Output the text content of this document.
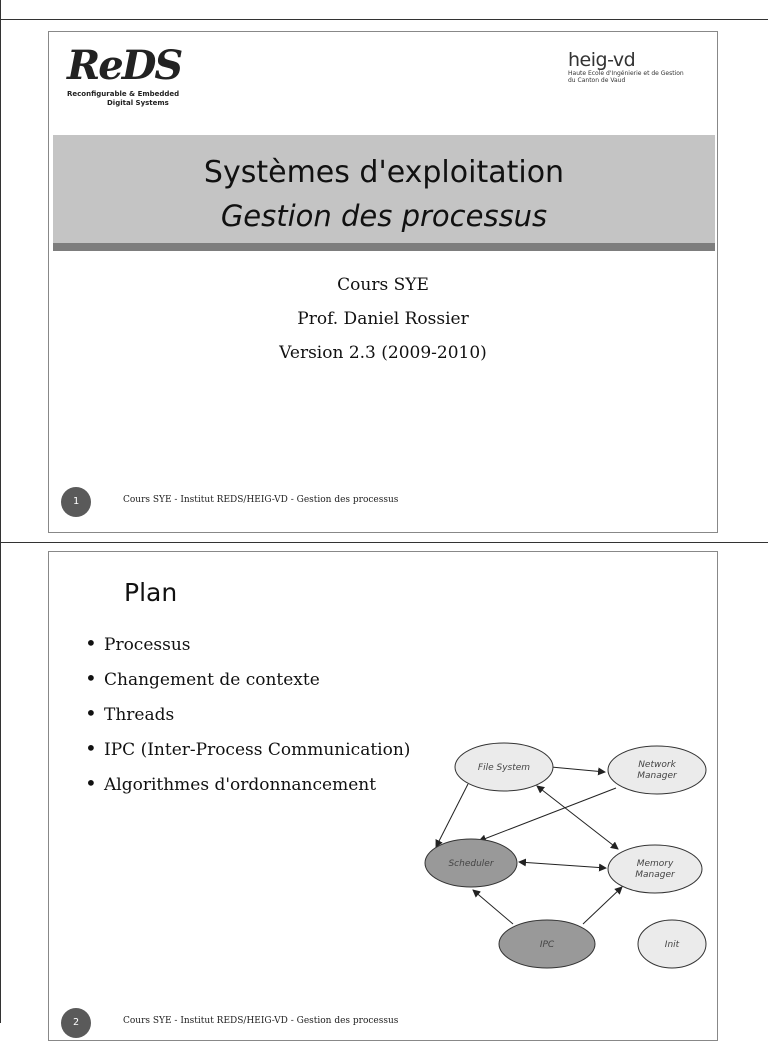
ReDS
Reconfigurable & Embedded
Digital Systems
heig-vd
Haute Ecole d'Ingénierie et de Gestion
du Canton de Vaud
Systèmes d'exploitation
Gestion des processus
Cours SYE
Prof. Daniel Rossier
Version 2.3 (2009-2010)
1	Cours SYE - Institut REDS/HEIG-VD - Gestion des processus
Plan
• Processus
• Changement de contexte
• Threads
• IPC (Inter-Process Communication)
• Algorithmes d'ordonnancement
File System	Network
Manager
Scheduler	Memory
Manager
IPC	Init
2	Cours SYE - Institut REDS/HEIG-VD - Gestion des processus
